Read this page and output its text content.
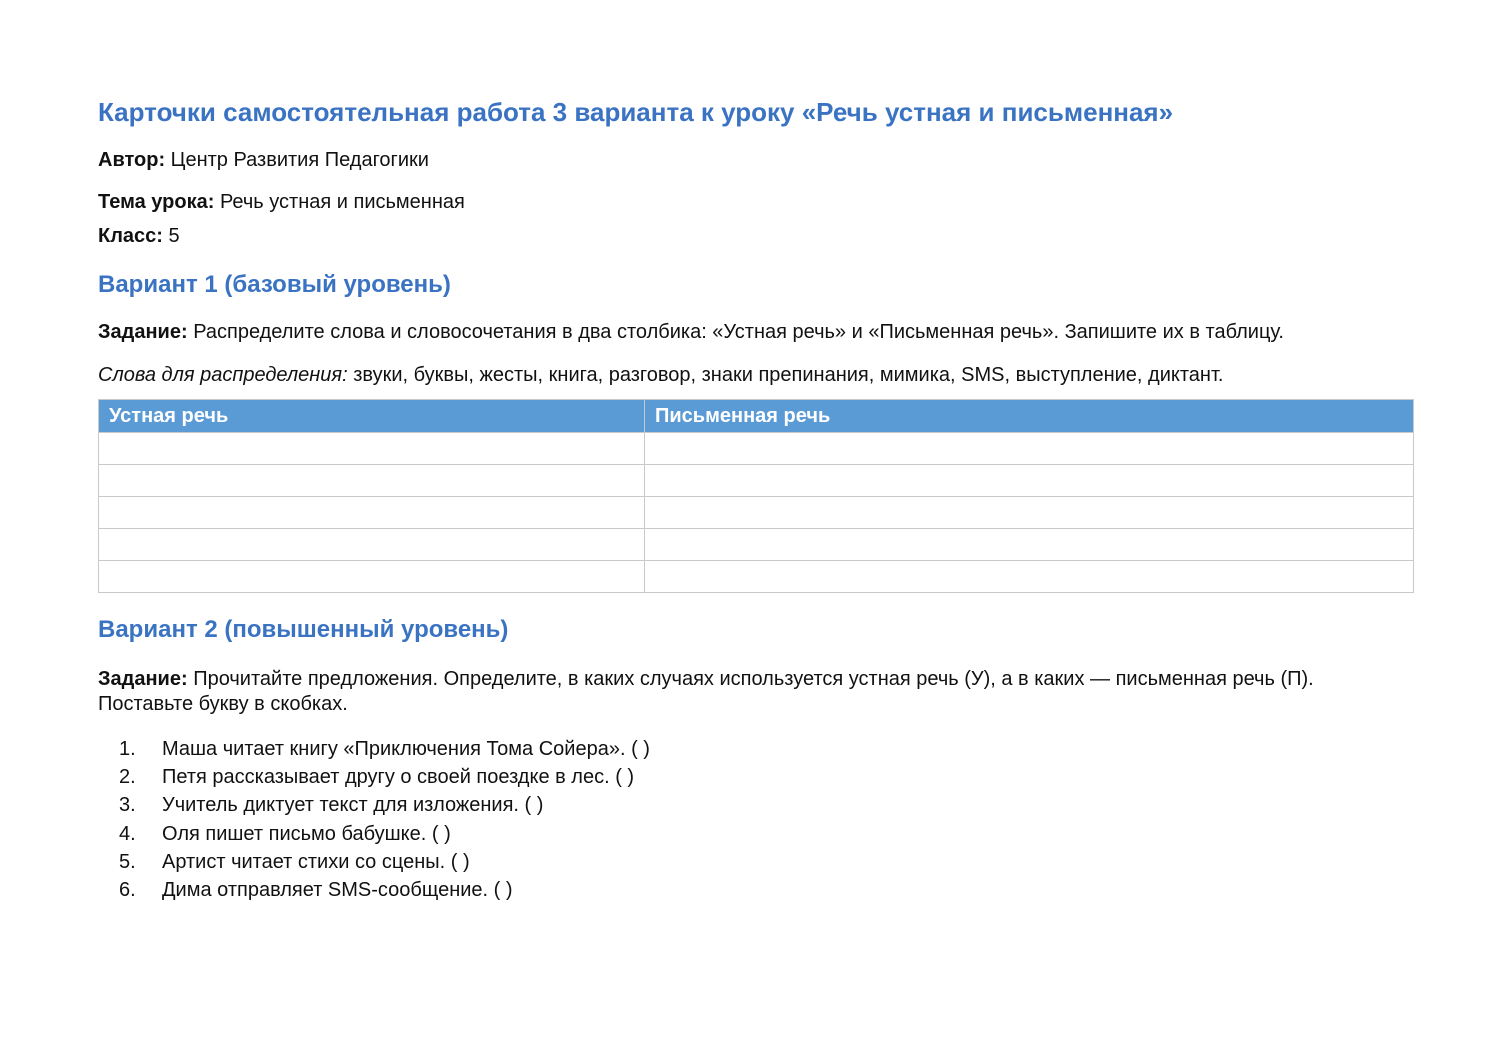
Карточки самостоятельная работа 3 варианта к уроку «Речь устная и письменная»

Автор: Центр Развития Педагогики

Тема урока: Речь устная и письменная

Класс: 5

Вариант 1 (базовый уровень)

Задание: Распределите слова и словосочетания в два столбика: «Устная речь» и «Письменная речь». Запишите их в таблицу.

Слова для распределения: звуки, буквы, жесты, книга, разговор, знаки препинания, мимика, SMS, выступление, диктант.

Устная речь	Письменная речь

Вариант 2 (повышенный уровень)

Задание: Прочитайте предложения. Определите, в каких случаях используется устная речь (У), а в каких — письменная речь (П). Поставьте букву в скобках.

1.	Маша читает книгу «Приключения Тома Сойера». ( )
2.	Петя рассказывает другу о своей поездке в лес. ( )
3.	Учитель диктует текст для изложения. ( )
4.	Оля пишет письмо бабушке. ( )
5.	Артист читает стихи со сцены. ( )
6.	Дима отправляет SMS-сообщение. ( )
